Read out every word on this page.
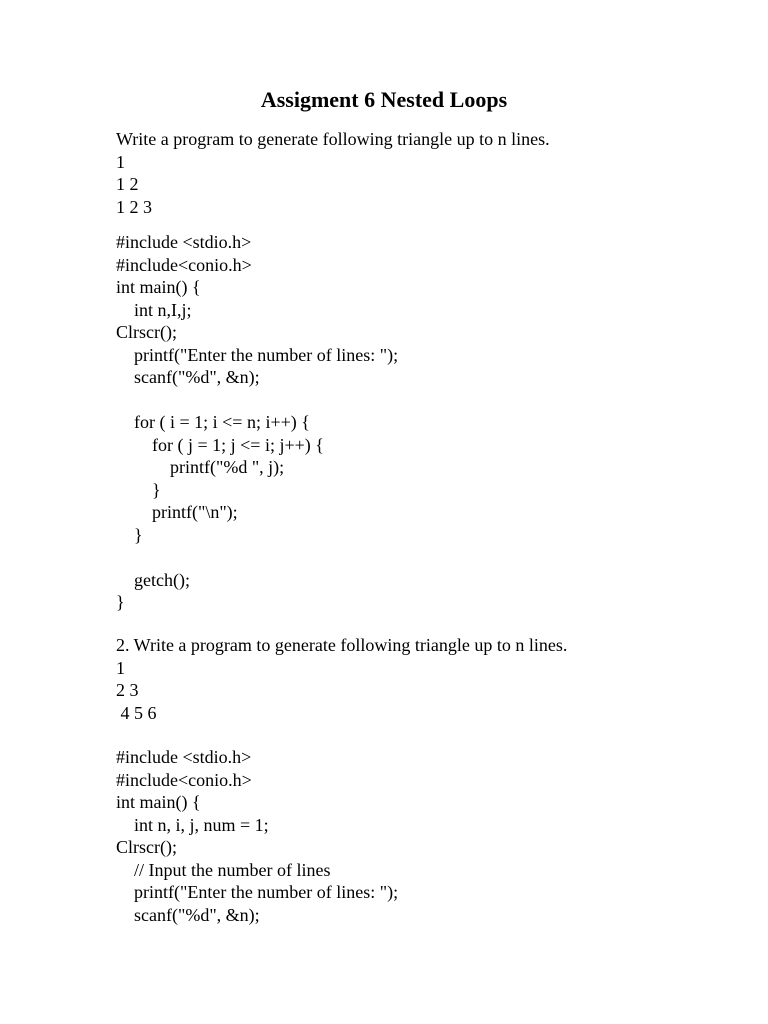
Assigment 6 Nested Loops
Write a program to generate following triangle up to n lines.
1
1 2
1 2 3
#include <stdio.h>
#include<conio.h>
int main() {
int n,I,j;
Clrscr();
printf("Enter the number of lines: ");
scanf("%d", &n);
for ( i = 1; i <= n; i++) {
for ( j = 1; j <= i; j++) {
printf("%d ", j);
}
printf("\n");
}
getch();
}
2. Write a program to generate following triangle up to n lines.
1
2 3
4 5 6
#include <stdio.h>
#include<conio.h>
int main() {
int n, i, j, num = 1;
Clrscr();
// Input the number of lines
printf("Enter the number of lines: ");
scanf("%d", &n);
